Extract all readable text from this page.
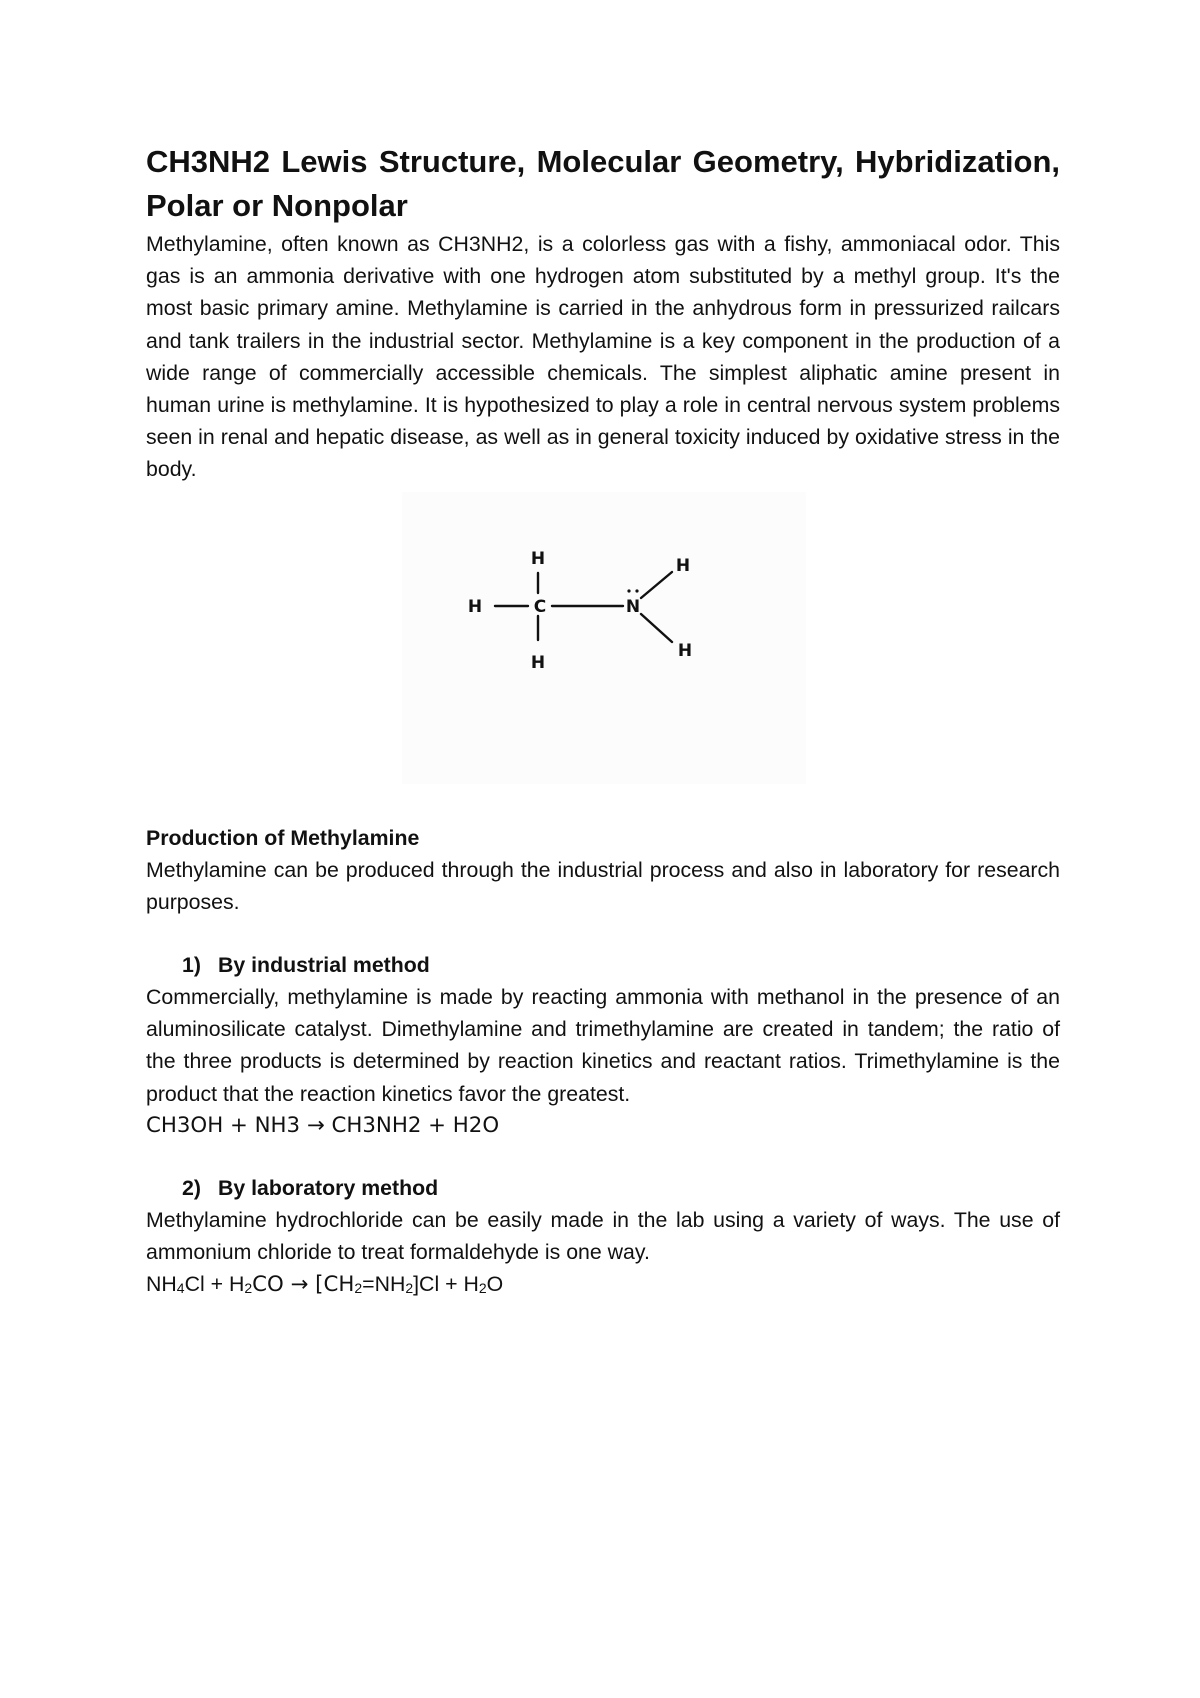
CH3NH2 Lewis Structure, Molecular Geometry, Hybridization, Polar or Nonpolar

Methylamine, often known as CH3NH2, is a colorless gas with a fishy, ammoniacal odor. This gas is an ammonia derivative with one hydrogen atom substituted by a methyl group. It's the most basic primary amine. Methylamine is carried in the anhydrous form in pressurized railcars and tank trailers in the industrial sector. Methylamine is a key component in the production of a wide range of commercially accessible chemicals. The simplest aliphatic amine present in human urine is methylamine. It is hypothesized to play a role in central nervous system problems seen in renal and hepatic disease, as well as in general toxicity induced by oxidative stress in the body.

H
H	C
H
N
H
H
Production of Methylamine

Methylamine can be produced through the industrial process and also in laboratory for research purposes.

1) By industrial method

Commercially, methylamine is made by reacting ammonia with methanol in the presence of an aluminosilicate catalyst. Dimethylamine and trimethylamine are created in tandem; the ratio of the three products is determined by reaction kinetics and reactant ratios. Trimethylamine is the product that the reaction kinetics favor the greatest.

CH3OH + NH3 → CH3NH2 + H2O
2) By laboratory method

Methylamine hydrochloride can be easily made in the lab using a variety of ways. The use of ammonium chloride to treat formaldehyde is one way.

NH4Cl + H2CO → [CH2=NH2]Cl + H2O
